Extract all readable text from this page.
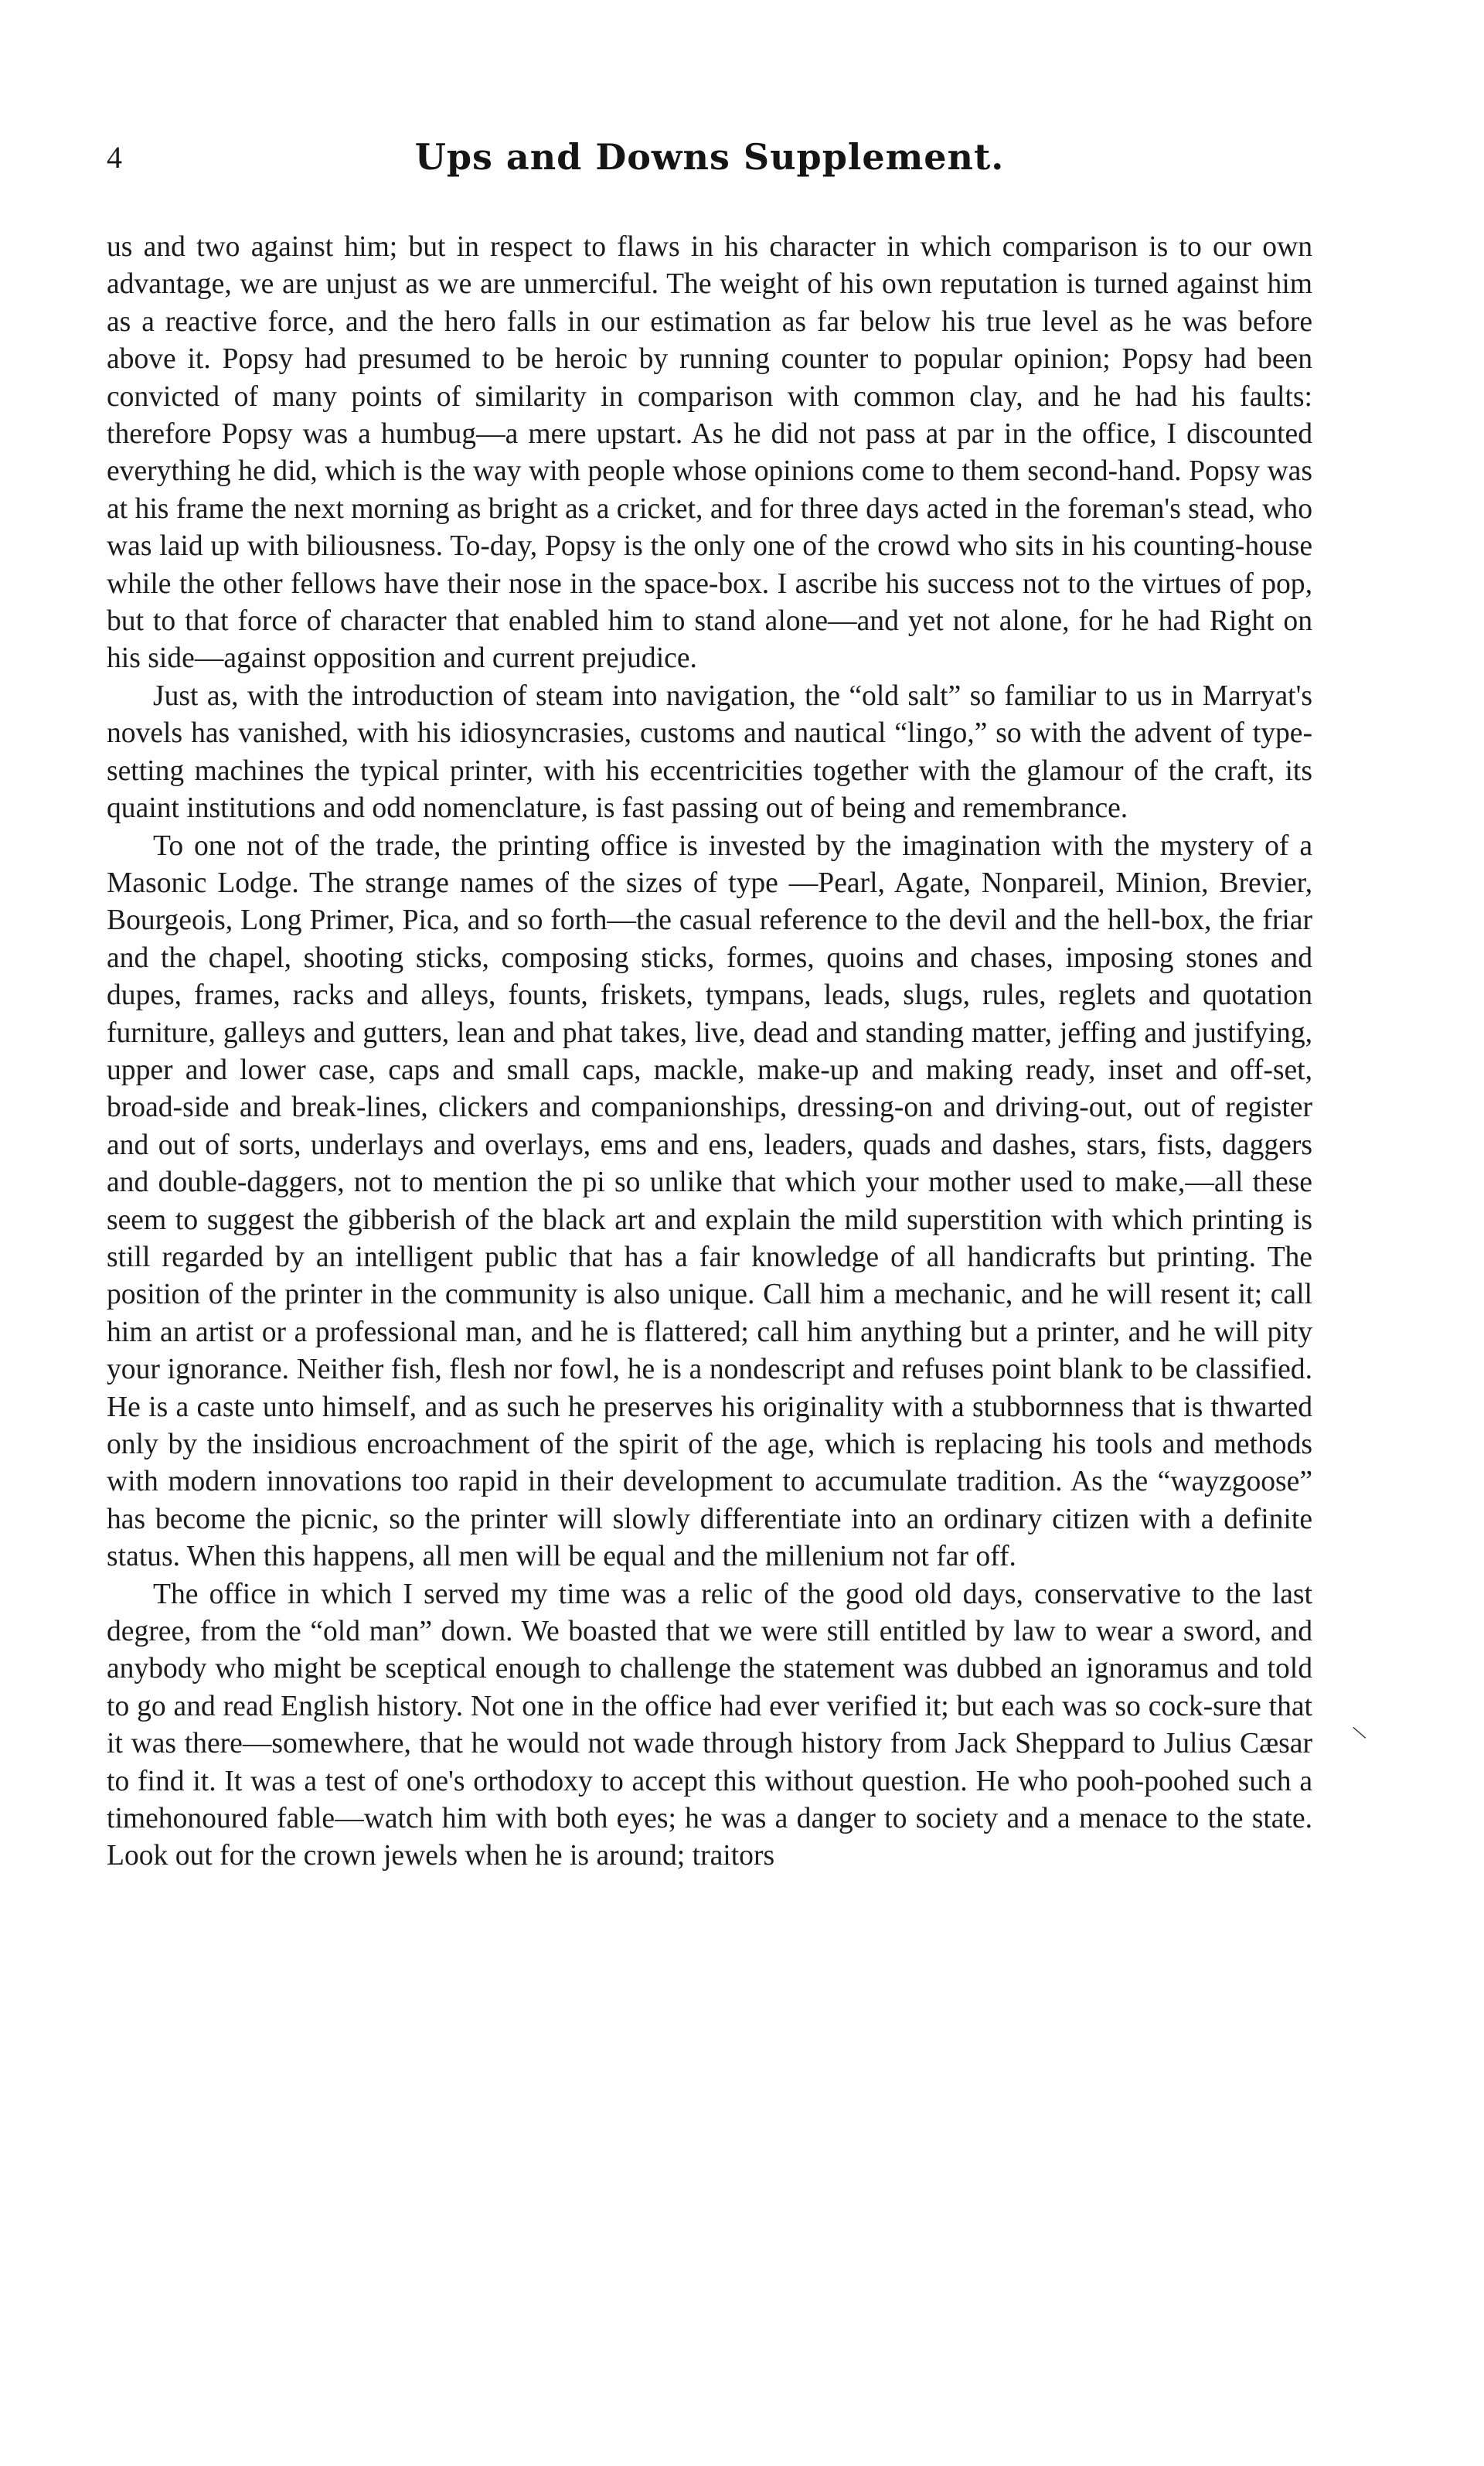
4	Ups and Downs Supplement.

us and two against him; but in respect to flaws in his character in which comparison is to our own advantage, we are unjust as we are unmerciful. The weight of his own reputation is turned against him as a reactive force, and the hero falls in our estimation as far below his true level as he was before above it. Popsy had presumed to be heroic by running counter to popular opinion; Popsy had been convicted of many points of similarity in comparison with common clay, and he had his faults: therefore Popsy was a humbug—a mere upstart. As he did not pass at par in the office, I discounted everything he did, which is the way with people whose opinions come to them second-hand. Popsy was at his frame the next morning as bright as a cricket, and for three days acted in the foreman's stead, who was laid up with biliousness. To-day, Popsy is the only one of the crowd who sits in his counting-house while the other fellows have their nose in the space-box. I ascribe his success not to the virtues of pop, but to that force of character that enabled him to stand alone—and yet not alone, for he had Right on his side—against opposition and current prejudice.

Just as, with the introduction of steam into navigation, the “old salt” so familiar to us in Marryat's novels has vanished, with his idiosyncrasies, customs and nautical “lingo,” so with the advent of type-setting machines the typical printer, with his eccentricities together with the glamour of the craft, its quaint institutions and odd nomenclature, is fast passing out of being and remembrance.

To one not of the trade, the printing office is invested by the imagination with the mystery of a Masonic Lodge. The strange names of the sizes of type —Pearl, Agate, Nonpareil, Minion, Brevier, Bourgeois, Long Primer, Pica, and so forth—the casual reference to the devil and the hell-box, the friar and the chapel, shooting sticks, composing sticks, formes, quoins and chases, imposing stones and dupes, frames, racks and alleys, founts, friskets, tympans, leads, slugs, rules, reglets and quotation furniture, galleys and gutters, lean and phat takes, live, dead and standing matter, jeffing and justifying, upper and lower case, caps and small caps, mackle, make-up and making ready, inset and off-set, broad-side and break-lines, clickers and companionships, dressing-on and driving-out, out of register and out of sorts, underlays and overlays, ems and ens, leaders, quads and dashes, stars, fists, daggers and double-daggers, not to mention the pi so unlike that which your mother used to make,—all these seem to suggest the gibberish of the black art and explain the mild superstition with which printing is still regarded by an intelligent public that has a fair knowledge of all handicrafts but printing. The position of the printer in the community is also unique. Call him a mechanic, and he will resent it; call him an artist or a professional man, and he is flattered; call him anything but a printer, and he will pity your ignorance. Neither fish, flesh nor fowl, he is a nondescript and refuses point blank to be classified. He is a caste unto himself, and as such he preserves his originality with a stubbornness that is thwarted only by the insidious encroachment of the spirit of the age, which is replacing his tools and methods with modern innovations too rapid in their development to accumulate tradition. As the “wayzgoose” has become the picnic, so the printer will slowly differentiate into an ordinary citizen with a definite status. When this happens, all men will be equal and the millenium not far off.

The office in which I served my time was a relic of the good old days, conservative to the last degree, from the “old man” down. We boasted that we were still entitled by law to wear a sword, and anybody who might be sceptical enough to challenge the statement was dubbed an ignoramus and told to go and read English history. Not one in the office had ever verified it; but each was so cock-sure that it was there—somewhere, that he would not wade through history from Jack Sheppard to Julius Cæsar to find it. It was a test of one's orthodoxy to accept this without question. He who pooh-poohed such a timehonoured fable—watch him with both eyes; he was a danger to society and a menace to the state. Look out for the crown jewels when he is around; traitors

\
